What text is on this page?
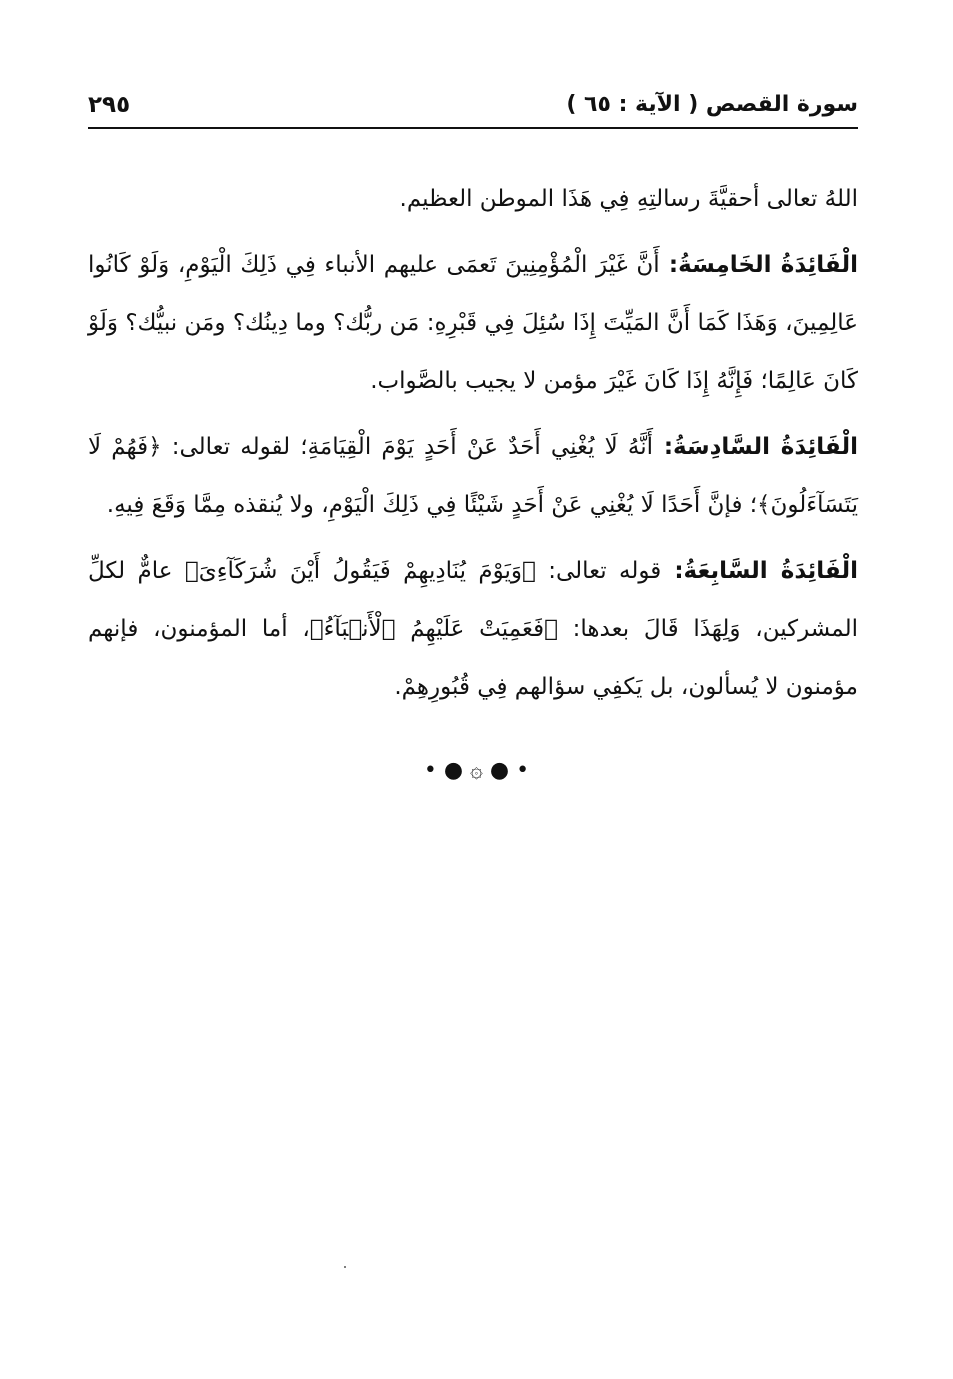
سورة القصص ( الآية : ٦٥ )
٢٩٥

اللهُ تعالى أحقيَّةَ رسالتِهِ فِي هَذَا الموطن العظيم.

الْفَائِدَةُ الخَامِسَةُ: أَنَّ غَيْرَ الْمُؤْمِنِينَ تَعمَى عليهم الأنباء فِي ذَلِكَ الْيَوْمِ، وَلَوْ كَانُوا عَالِمِينَ، وَهَذَا كَمَا أَنَّ المَيِّتَ إِذَا سُئِلَ فِي قَبْرِهِ: مَن ربُّك؟ وما دِينُك؟ ومَن نبيُّك؟ وَلَوْ كَانَ عَالِمًا؛ فَإِنَّهُ إِذَا كَانَ غَيْرَ مؤمن لا يجيب بالصَّواب.

الْفَائِدَةُ السَّادِسَةُ: أَنَّهُ لَا يُغْنِي أَحَدٌ عَنْ أَحَدٍ يَوْمَ الْقِيَامَةِ؛ لقوله تعالى: ﴿فَهُمْ لَا يَتَسَآءَلُونَ﴾؛ فإنَّ أَحَدًا لَا يُغْنِي عَنْ أَحَدٍ شَيْئًا فِي ذَلِكَ الْيَوْمِ، ولا يُنقذه مِمَّا وَقَعَ فِيهِ.

الْفَائِدَةُ السَّابِعَةُ: قوله تعالى: ﴿وَيَوْمَ يُنَادِيهِمْ فَيَقُولُ أَيْنَ شُرَكَآءِىَ﴾ عامٌّ لكلِّ المشركين، وَلِهَذَا قَالَ بعدها: ﴿فَعَمِيَتْ عَلَيْهِمُ ٱلْأَنۢبَآءُ﴾، أما المؤمنون، فإنهم مؤمنون لا يُسألون، بل يَكفِي سؤالهم فِي قُبُورِهِمْ.

• ● ۞ ● •
